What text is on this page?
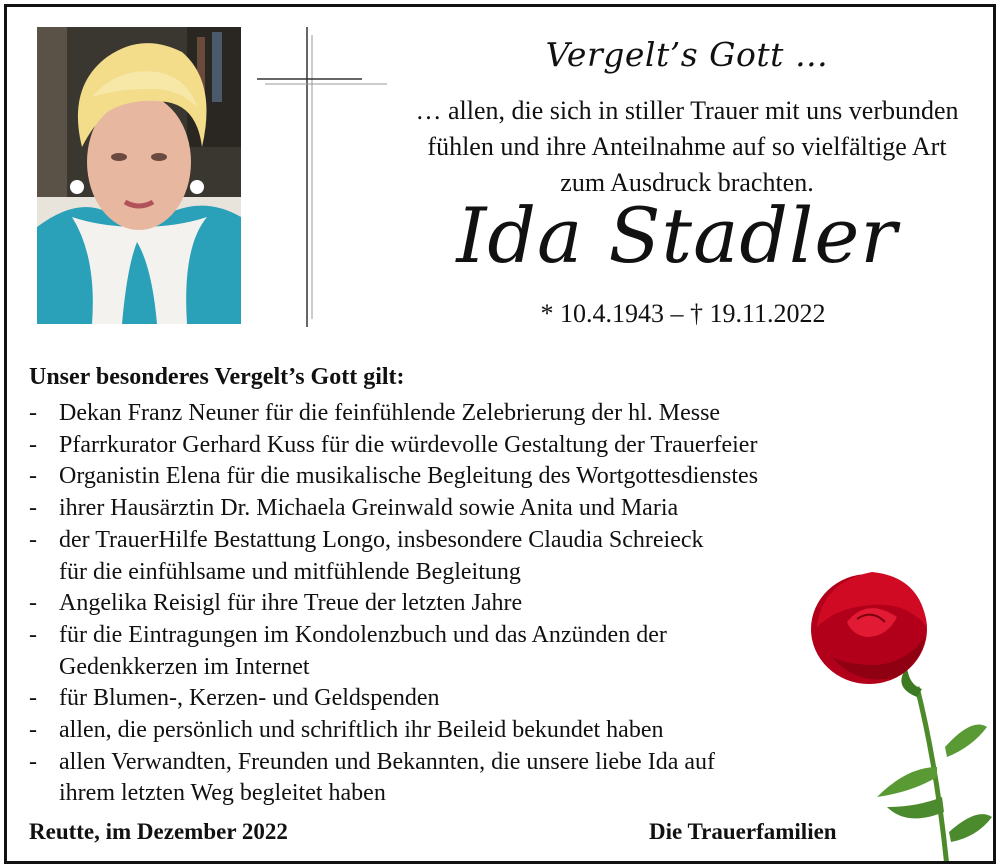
Vergelt’s Gott …
… allen, die sich in stiller Trauer mit uns verbunden
fühlen und ihre Anteilnahme auf so vielfältige Art
zum Ausdruck brachten.
Ida Stadler
* 10.4.1943 – † 19.11.2022
Unser besonderes Vergelt’s Gott gilt:
- Dekan Franz Neuner für die feinfühlende Zelebrierung der hl. Messe
- Pfarrkurator Gerhard Kuss für die würdevolle Gestaltung der Trauerfeier
- Organistin Elena für die musikalische Begleitung des Wortgottesdienstes
- ihrer Hausärztin Dr. Michaela Greinwald sowie Anita und Maria
- der TrauerHilfe Bestattung Longo, insbesondere Claudia Schreieck
für die einfühlsame und mitfühlende Begleitung
- Angelika Reisigl für ihre Treue der letzten Jahre
- für die Eintragungen im Kondolenzbuch und das Anzünden der
Gedenkkerzen im Internet
- für Blumen-, Kerzen- und Geldspenden
- allen, die persönlich und schriftlich ihr Beileid bekundet haben
- allen Verwandten, Freunden und Bekannten, die unsere liebe Ida auf
ihrem letzten Weg begleitet haben
Reutte, im Dezember 2022	Die Trauerfamilien
